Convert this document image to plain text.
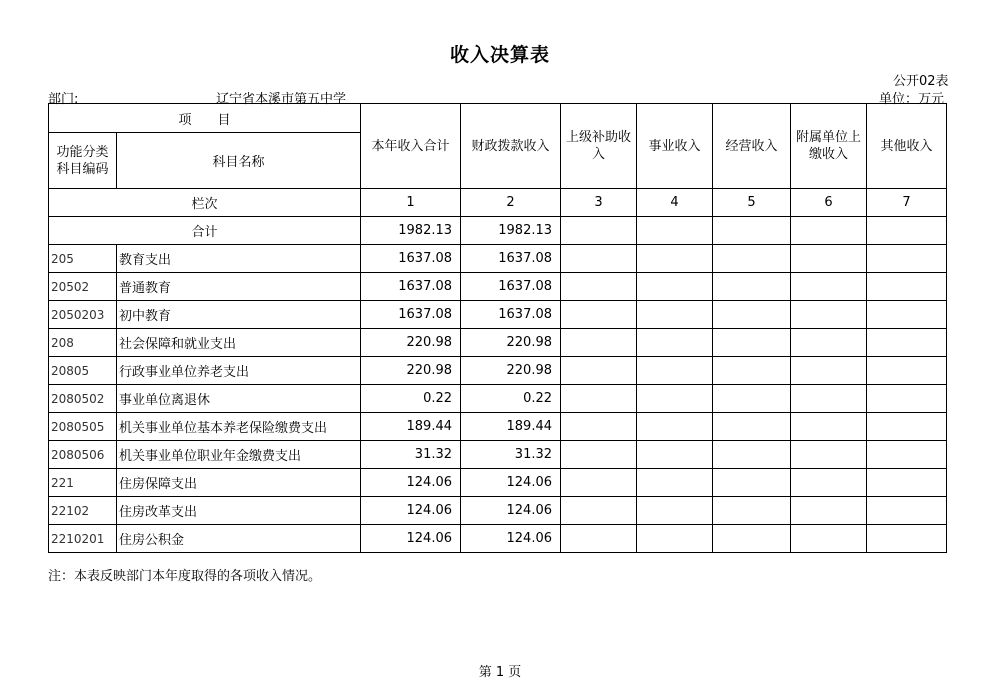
收入决算表
公开02表
部门:	辽宁省本溪市第五中学	单位：万元
项　　目		本年收入合计	财政拨款收入	上级补助收入	事业收入	经营收入	附属单位上缴收入	其他收入
功能分类科目编码	科目名称							
栏次		1	2	3	4	5	6	7
合计		1982.13	1982.13					
205	教育支出	1637.08	1637.08					
20502	普通教育	1637.08	1637.08					
2050203	初中教育	1637.08	1637.08					
208	社会保障和就业支出	220.98	220.98					
20805	行政事业单位养老支出	220.98	220.98					
2080502	事业单位离退休	0.22	0.22					
2080505	机关事业单位基本养老保险缴费支出	189.44	189.44					
2080506	机关事业单位职业年金缴费支出	31.32	31.32					
221	住房保障支出	124.06	124.06					
22102	住房改革支出	124.06	124.06					
2210201	住房公积金	124.06	124.06					
注：本表反映部门本年度取得的各项收入情况。
第 1 页
